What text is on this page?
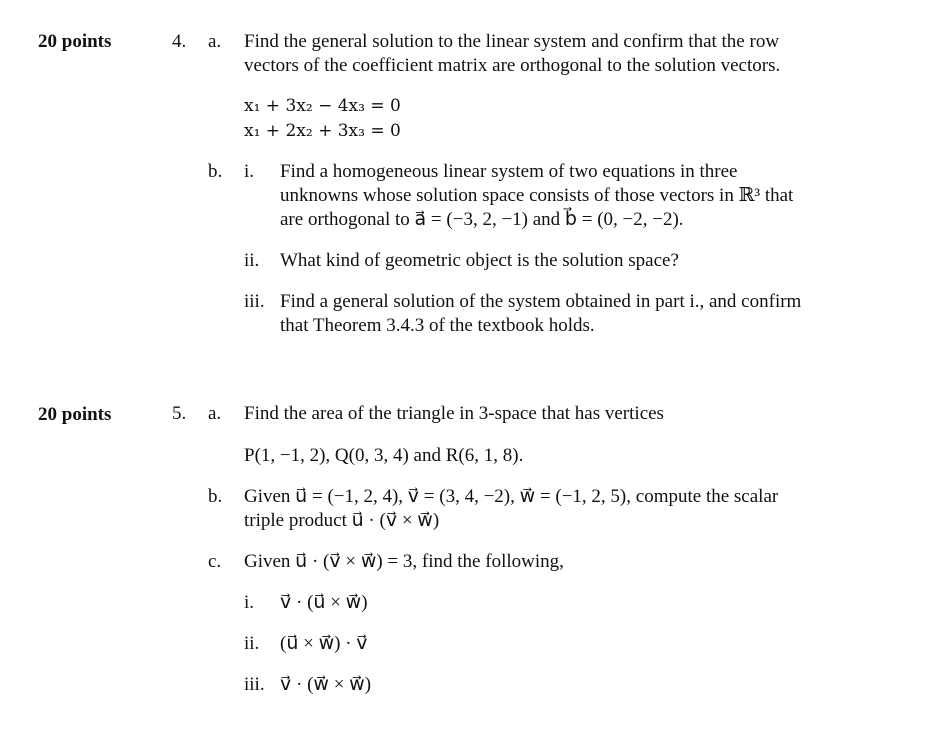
20 points	4. a. Find the general solution to the linear system and confirm that the row
vectors of the coefficient matrix are orthogonal to the solution vectors.
x₁ + 3x₂ − 4x₃ = 0
x₁ + 2x₂ + 3x₃ = 0
b. i. Find a homogeneous linear system of two equations in three
unknowns whose solution space consists of those vectors in ℝ³ that
are orthogonal to a⃗ = (−3, 2, −1) and b⃗ = (0, −2, −2).
ii. What kind of geometric object is the solution space?
iii. Find a general solution of the system obtained in part i., and confirm
that Theorem 3.4.3 of the textbook holds.
20 points	5. a. Find the area of the triangle in 3-space that has vertices
P(1, −1, 2), Q(0, 3, 4) and R(6, 1, 8).
b. Given u⃗ = (−1, 2, 4), v⃗ = (3, 4, −2), w⃗ = (−1, 2, 5), compute the scalar
triple product u⃗ · (v⃗ × w⃗)
c. Given u⃗ · (v⃗ × w⃗) = 3, find the following,
i. v⃗ · (u⃗ × w⃗)
ii. (u⃗ × w⃗) · v⃗
iii. v⃗ · (w⃗ × w⃗)
